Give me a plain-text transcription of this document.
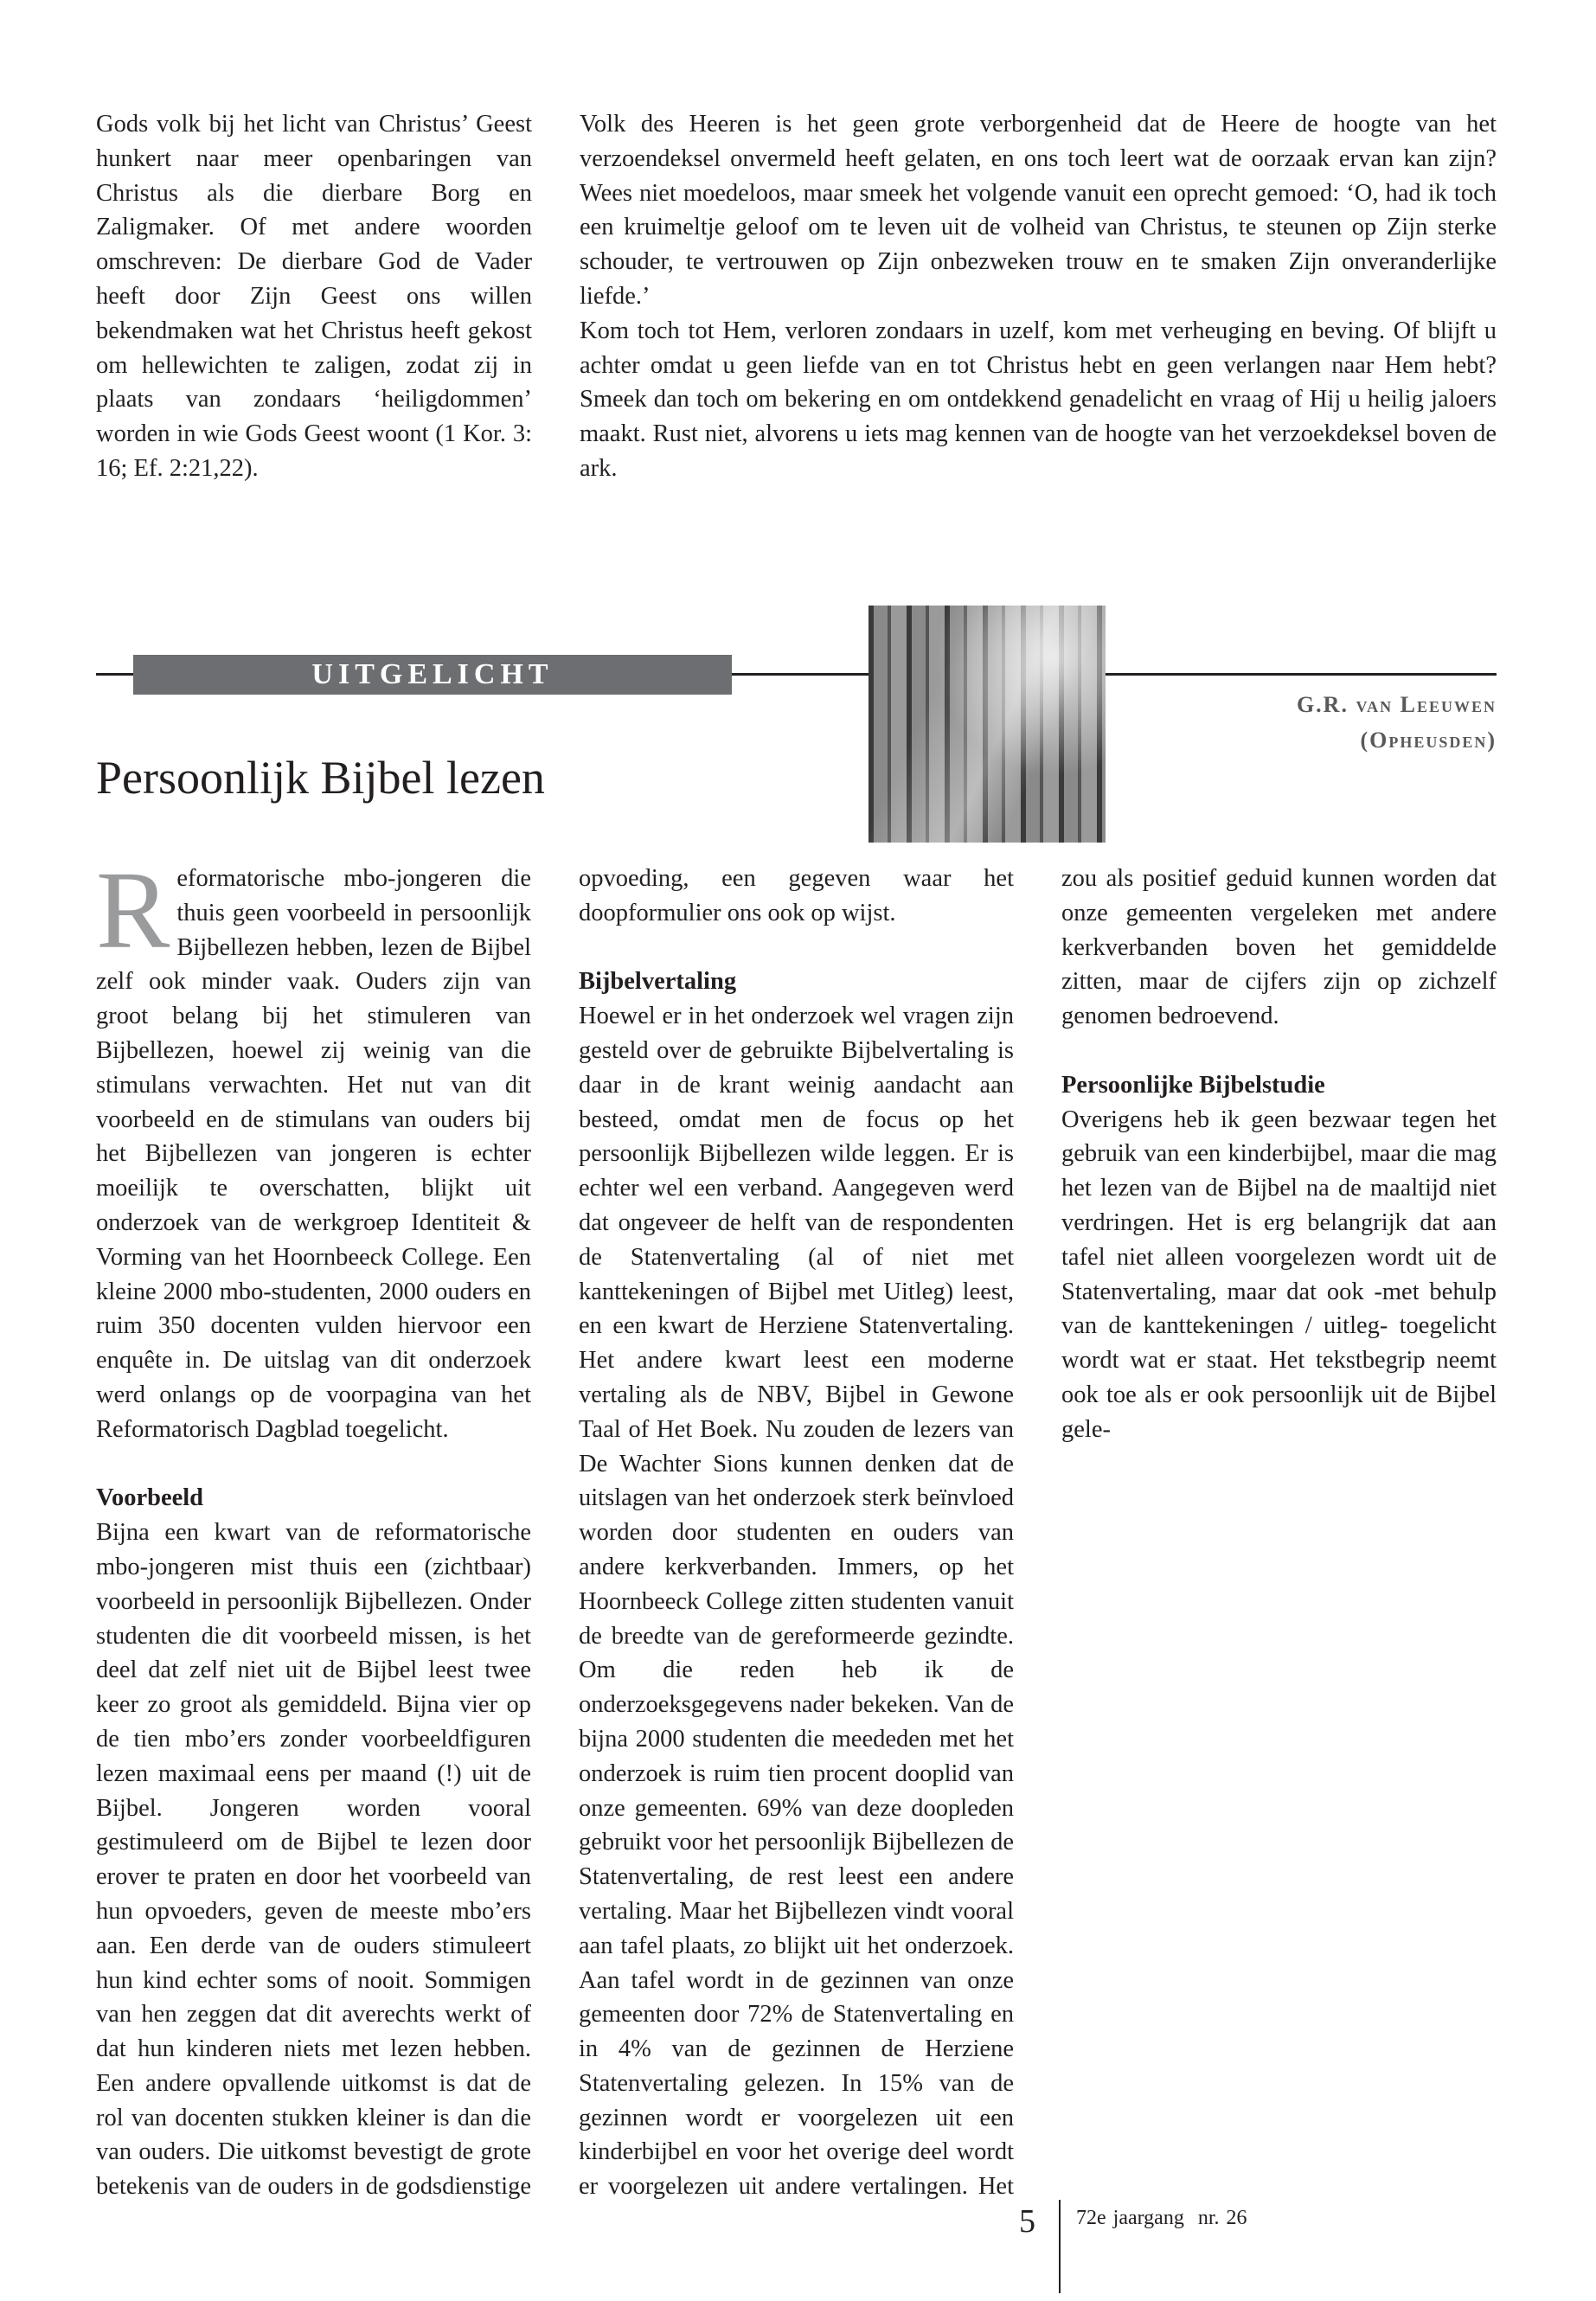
Gods volk bij het licht van Christus’ Geest hunkert naar meer openbaringen van Christus als die dierbare Borg en Zaligmaker. Of met andere woorden omschreven: De dierbare God de Vader heeft door Zijn Geest ons willen bekendmaken wat het Christus heeft gekost om hellewichten te zaligen, zodat zij in plaats van zondaars ‘heiligdommen’ worden in wie Gods Geest woont (1 Kor. 3: 16; Ef. 2:21,22).

Volk des Heeren is het geen grote verborgenheid dat de Heere de hoogte van het verzoendeksel onvermeld heeft gelaten, en ons toch leert wat de oorzaak ervan kan zijn? Wees niet moedeloos, maar smeek het volgende vanuit een oprecht gemoed: ‘O, had ik toch een kruimeltje geloof om te leven uit de volheid van Christus, te steunen op Zijn sterke schouder, te vertrouwen op Zijn onbezweken trouw en te smaken Zijn onveranderlijke liefde.’

Kom toch tot Hem, verloren zondaars in uzelf, kom met verheuging en beving. Of blijft u achter omdat u geen liefde van en tot Christus hebt en geen verlangen naar Hem hebt? Smeek dan toch om bekering en om ontdekkend genadelicht en vraag of Hij u heilig jaloers maakt. Rust niet, alvorens u iets mag kennen van de hoogte van het verzoekdeksel boven de ark.

UITGELICHT
G.R. van Leeuwen
(Opheusden)
Persoonlijk Bijbel lezen

Reformatorische mbo-jongeren die thuis geen voorbeeld in persoonlijk Bijbellezen hebben, lezen de Bijbel zelf ook minder vaak. Ouders zijn van groot belang bij het stimuleren van Bijbellezen, hoewel zij weinig van die stimulans verwachten. Het nut van dit voorbeeld en de stimulans van ouders bij het Bijbellezen van jongeren is echter moeilijk te overschatten, blijkt uit onderzoek van de werkgroep Identiteit & Vorming van het Hoornbeeck College. Een kleine 2000 mbo-studenten, 2000 ouders en ruim 350 docenten vulden hiervoor een enquête in. De uitslag van dit onderzoek werd onlangs op de voorpagina van het Reformatorisch Dagblad toegelicht.

Voorbeeld

Bijna een kwart van de reformatorische mbo-jongeren mist thuis een (zichtbaar) voorbeeld in persoonlijk Bijbellezen. Onder studenten die dit voorbeeld missen, is het deel dat zelf niet uit de Bijbel leest twee keer zo groot als gemiddeld. Bijna vier op de tien mbo’ers zonder voorbeeldfiguren lezen maximaal eens per maand (!) uit de Bijbel. Jongeren worden vooral gestimuleerd om de Bijbel te lezen door erover te praten en door het voorbeeld van hun opvoeders, geven de meeste mbo’ers aan. Een derde van de ouders stimuleert hun kind echter soms of nooit. Sommigen van hen zeggen dat dit averechts werkt of dat hun kinderen niets met lezen hebben. Een andere opvallende uitkomst is dat de rol van docenten stukken kleiner is dan die van ouders. Die uitkomst bevestigt de grote betekenis van de ouders in de godsdienstige opvoeding, een gegeven waar het doopformulier ons ook op wijst.

Bijbelvertaling

Hoewel er in het onderzoek wel vragen zijn gesteld over de gebruikte Bijbelvertaling is daar in de krant weinig aandacht aan besteed, omdat men de focus op het persoonlijk Bijbellezen wilde leggen. Er is echter wel een verband. Aangegeven werd dat ongeveer de helft van de respondenten de Statenvertaling (al of niet met kanttekeningen of Bijbel met Uitleg) leest, en een kwart de Herziene Statenvertaling. Het andere kwart leest een moderne vertaling als de NBV, Bijbel in Gewone Taal of Het Boek. Nu zouden de lezers van De Wachter Sions kunnen denken dat de uitslagen van het onderzoek sterk beïnvloed worden door studenten en ouders van andere kerkverbanden. Immers, op het Hoornbeeck College zitten studenten vanuit de breedte van de gereformeerde gezindte. Om die reden heb ik de onderzoeksgegevens nader bekeken. Van de bijna 2000 studenten die meededen met het onderzoek is ruim tien procent dooplid van onze gemeenten. 69% van deze doopleden gebruikt voor het persoonlijk Bijbellezen de Statenvertaling, de rest leest een andere vertaling. Maar het Bijbellezen vindt vooral aan tafel plaats, zo blijkt uit het onderzoek. Aan tafel wordt in de gezinnen van onze gemeenten door 72% de Statenvertaling en in 4% van de gezinnen de Herziene Statenvertaling gelezen. In 15% van de gezinnen wordt er voorgelezen uit een kinderbijbel en voor het overige deel wordt er voorgelezen uit andere vertalingen. Het zou als positief geduid kunnen worden dat onze gemeenten vergeleken met andere kerkverbanden boven het gemiddelde zitten, maar de cijfers zijn op zichzelf genomen bedroevend.

Persoonlijke Bijbelstudie

Overigens heb ik geen bezwaar tegen het gebruik van een kinderbijbel, maar die mag het lezen van de Bijbel na de maaltijd niet verdringen. Het is erg belangrijk dat aan tafel niet alleen voorgelezen wordt uit de Statenvertaling, maar dat ook -met behulp van de kanttekeningen / uitleg- toegelicht wordt wat er staat. Het tekstbegrip neemt ook toe als er ook persoonlijk uit de Bijbel gele-

5 72e jaargang  nr. 26
